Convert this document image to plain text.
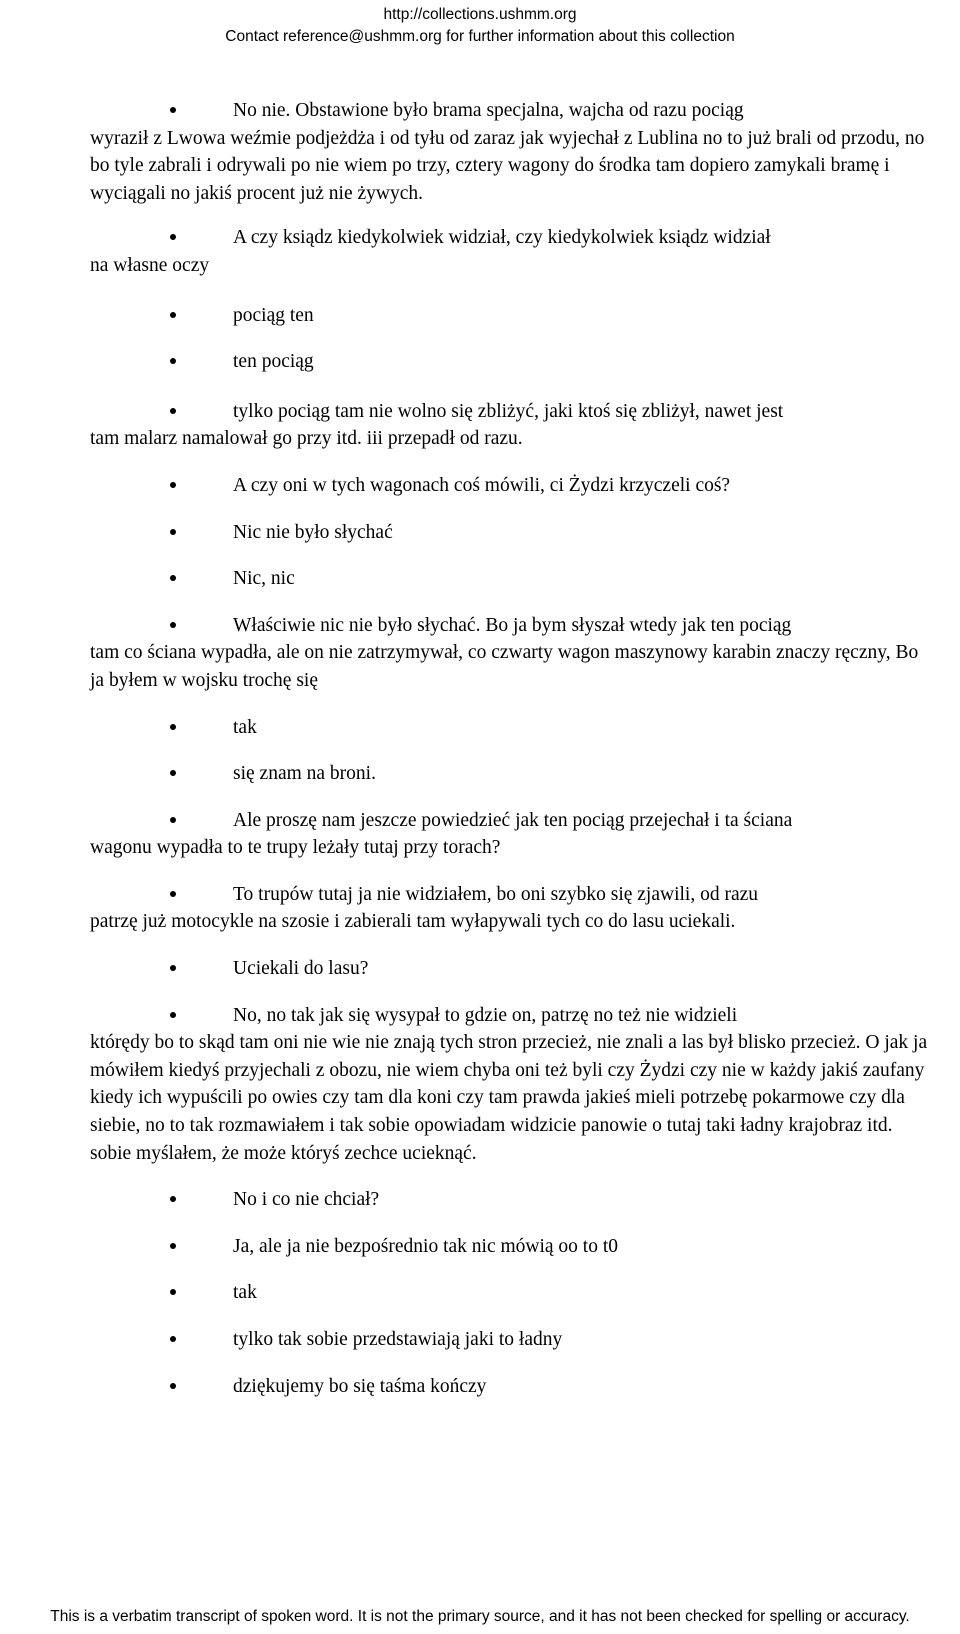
http://collections.ushmm.org
Contact reference@ushmm.org for further information about this collection

No nie. Obstawione było brama specjalna, wajcha od razu pociąg
wyraził z Lwowa weźmie podjeżdża i od tyłu od zaraz jak wyjechał z Lublina no to już brali od przodu, no bo tyle zabrali i odrywali po nie wiem po trzy, cztery wagony do środka tam dopiero zamykali bramę i wyciągali no jakiś procent już nie żywych.

A czy ksiądz kiedykolwiek widział, czy kiedykolwiek ksiądz widział
na własne oczy

pociąg ten

ten pociąg

tylko pociąg tam nie wolno się zbliżyć, jaki ktoś się zbliżył, nawet jest
tam malarz namalował go przy itd. iii przepadł od razu.

A czy oni w tych wagonach coś mówili, ci Żydzi krzyczeli coś?

Nic nie było słychać

Nic, nic

Właściwie nic nie było słychać. Bo ja bym słyszał wtedy jak ten pociąg
tam co ściana wypadła, ale on nie zatrzymywał, co czwarty wagon maszynowy karabin znaczy ręczny, Bo ja byłem w wojsku trochę się

tak

się znam na broni.

Ale proszę nam jeszcze powiedzieć jak ten pociąg przejechał i ta ściana
wagonu wypadła to te trupy leżały tutaj przy torach?

To trupów tutaj ja nie widziałem, bo oni szybko się zjawili, od razu
patrzę już motocykle na szosie i zabierali tam wyłapywali tych co do lasu uciekali.

Uciekali do lasu?

No, no tak jak się wysypał to gdzie on, patrzę no też nie widzieli
którędy bo to skąd tam oni nie wie nie znają tych stron przecież, nie znali a las był blisko przecież. O jak ja mówiłem kiedyś przyjechali z obozu, nie wiem chyba oni też byli czy Żydzi czy nie w każdy jakiś zaufany kiedy ich wypuścili po owies czy tam dla koni czy tam prawda jakieś mieli potrzebę pokarmowe czy dla siebie, no to tak rozmawiałem i tak sobie opowiadam widzicie panowie o tutaj taki ładny krajobraz itd. sobie myślałem, że może któryś zechce ucieknąć.

No i co nie chciał?

Ja, ale ja nie bezpośrednio tak nic mówią oo to t0

tak

tylko tak sobie przedstawiają jaki to ładny

dziękujemy bo się taśma kończy

This is a verbatim transcript of spoken word. It is not the primary source, and it has not been checked for spelling or accuracy.
